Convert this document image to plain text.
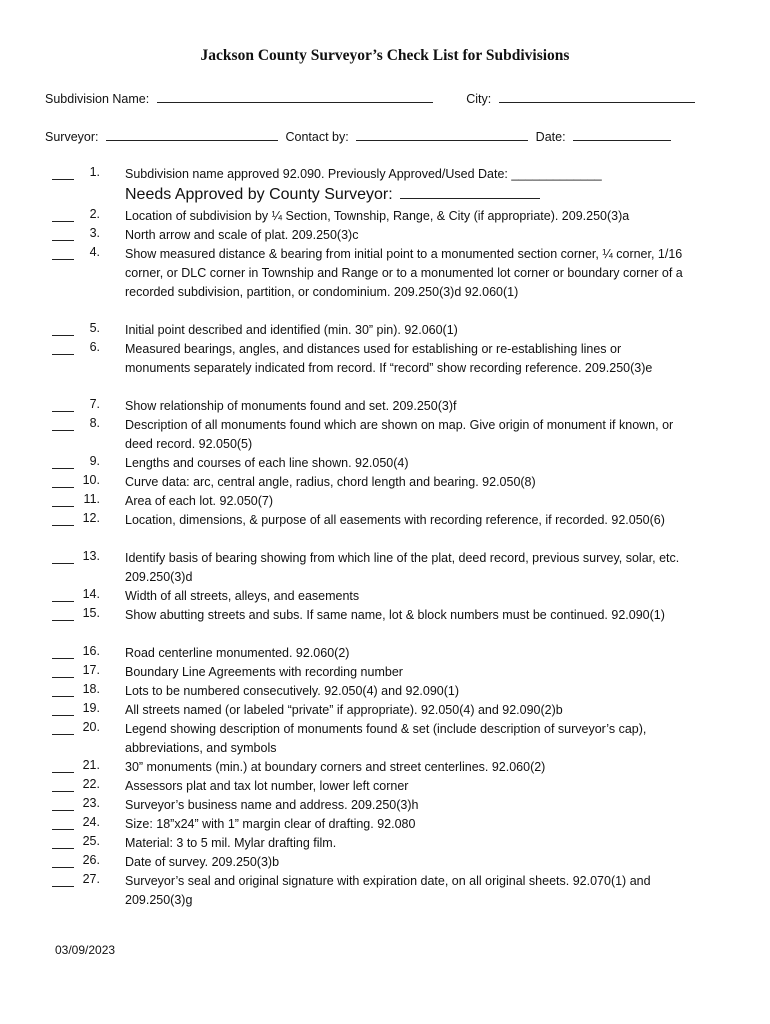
Jackson County Surveyor’s Check List for Subdivisions
Subdivision Name:	City:
Surveyor:	Contact by:	Date:
1. Subdivision name approved 92.090. Previously Approved/Used Date: _____________
2. Location of subdivision by ¼ Section, Township, Range, & City (if appropriate). 209.250(3)a
3. North arrow and scale of plat. 209.250(3)c
4. Show measured distance & bearing from initial point to a monumented section corner, ¼ corner, 1/16 corner, or DLC corner in Township and Range or to a monumented lot corner or boundary corner of a recorded subdivision, partition, or condominium. 209.250(3)d 92.060(1)
5. Initial point described and identified (min. 30” pin). 92.060(1)
6. Measured bearings, angles, and distances used for establishing or re-establishing lines or monuments separately indicated from record. If “record” show recording reference. 209.250(3)e
7. Show relationship of monuments found and set. 209.250(3)f
8. Description of all monuments found which are shown on map. Give origin of monument if known, or deed record. 92.050(5)
9. Lengths and courses of each line shown. 92.050(4)
10. Curve data: arc, central angle, radius, chord length and bearing. 92.050(8)
11. Area of each lot. 92.050(7)
12. Location, dimensions, & purpose of all easements with recording reference, if recorded. 92.050(6)
13. Identify basis of bearing showing from which line of the plat, deed record, previous survey, solar, etc. 209.250(3)d
14. Width of all streets, alleys, and easements
15. Show abutting streets and subs. If same name, lot & block numbers must be continued. 92.090(1)
16. Road centerline monumented. 92.060(2)
17. Boundary Line Agreements with recording number
18. Lots to be numbered consecutively. 92.050(4) and 92.090(1)
19. All streets named (or labeled “private” if appropriate). 92.050(4) and 92.090(2)b
20. Legend showing description of monuments found & set (include description of surveyor’s cap), abbreviations, and symbols
21. 30” monuments (min.) at boundary corners and street centerlines. 92.060(2)
22. Assessors plat and tax lot number, lower left corner
23. Surveyor’s business name and address. 209.250(3)h
24. Size: 18”x24” with 1” margin clear of drafting. 92.080
25. Material: 3 to 5 mil. Mylar drafting film.
26. Date of survey. 209.250(3)b
27. Surveyor’s seal and original signature with expiration date, on all original sheets. 92.070(1) and 209.250(3)g
Needs Approved by County Surveyor:
03/09/2023
